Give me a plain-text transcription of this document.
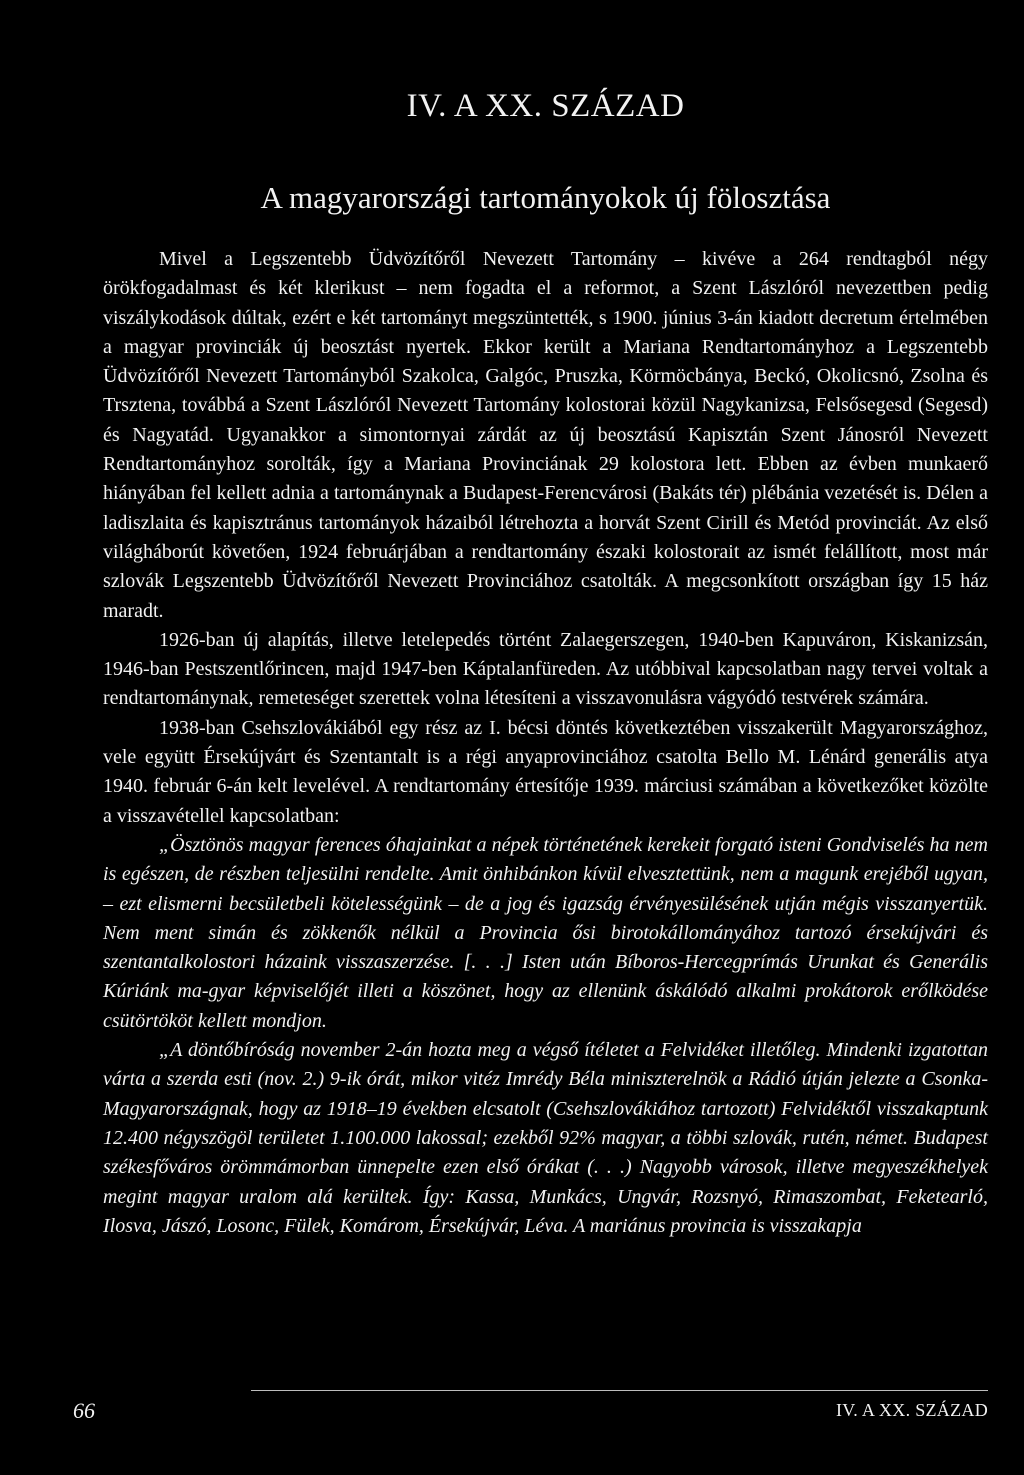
IV. A XX. SZÁZAD
A magyarországi tartományokok új fölosztása

Mivel a Legszentebb Üdvözítőről Nevezett Tartomány – kivéve a 264 rendtagból négy örökfogadalmast és két klerikust – nem fogadta el a reformot, a Szent Lászlóról nevezettben pedig viszálykodások dúltak, ezért e két tartományt megszüntették, s 1900. június 3-án kiadott decretum értelmében a magyar provinciák új beosztást nyertek. Ekkor került a Mariana Rendtartományhoz a Legszentebb Üdvözítőről Nevezett Tartományból Szakolca, Galgóc, Pruszka, Körmöcbánya, Beckó, Okolicsnó, Zsolna és Trsztena, továbbá a Szent Lászlóról Nevezett Tartomány kolostorai közül Nagykanizsa, Felsősegesd (Segesd) és Nagyatád. Ugyanakkor a simontornyai zárdát az új beosztású Kapisztán Szent Jánosról Nevezett Rendtartományhoz sorolták, így a Mariana Provinciának 29 kolostora lett. Ebben az évben munkaerő hiányában fel kellett adnia a tartománynak a Budapest-Ferencvárosi (Bakáts tér) plébánia vezetését is. Délen a ladiszlaita és kapisztránus tartományok házaiból létrehozta a horvát Szent Cirill és Metód provinciát. Az első világháborút követően, 1924 februárjában a rendtartomány északi kolostorait az ismét felállított, most már szlovák Legszentebb Üdvözítőről Nevezett Provinciához csatolták. A megcsonkított országban így 15 ház maradt.

1926-ban új alapítás, illetve letelepedés történt Zalaegerszegen, 1940-ben Kapuváron, Kiskanizsán, 1946-ban Pestszentlőrincen, majd 1947-ben Káptalanfüreden. Az utóbbival kapcsolatban nagy tervei voltak a rendtartománynak, remeteséget szerettek volna létesíteni a visszavonulásra vágyódó testvérek számára.

1938-ban Csehszlovákiából egy rész az I. bécsi döntés következtében visszakerült Magyarországhoz, vele együtt Érsekújvárt és Szentantalt is a régi anyaprovinciához csatolta Bello M. Lénárd generális atya 1940. február 6-án kelt levelével. A rendtartomány értesítője 1939. márciusi számában a következőket közölte a visszavétellel kapcsolatban:

„Ösztönös magyar ferences óhajainkat a népek történetének kerekeit forgató isteni Gondviselés ha nem is egészen, de részben teljesülni rendelte. Amit önhibánkon kívül elvesztettünk, nem a magunk erejéből ugyan, – ezt elismerni becsületbeli kötelességünk – de a jog és igazság érvényesülésének utján mégis visszanyertük. Nem ment simán és zökkenők nélkül a Provincia ősi birotokállományához tartozó érsekújvári és szentantalkolostori házaink visszaszerzése. [. . .] Isten után Bíboros-Hercegprímás Urunkat és Generális Kúriánk ma-gyar képviselőjét illeti a köszönet, hogy az ellenünk áskálódó alkalmi prokátorok erőlködése csütörtököt kellett mondjon.

„A döntőbíróság november 2-án hozta meg a végső ítéletet a Felvidéket illetőleg. Mindenki izgatottan várta a szerda esti (nov. 2.) 9-ik órát, mikor vitéz Imrédy Béla miniszterelnök a Rádió útján jelezte a Csonka-Magyarországnak, hogy az 1918–19 években elcsatolt (Csehszlovákiához tartozott) Felvidéktől visszakaptunk 12.400 négyszögöl területet 1.100.000 lakossal; ezekből 92% magyar, a többi szlovák, rutén, német. Budapest székesfőváros örömmámorban ünnepelte ezen első órákat (. . .) Nagyobb városok, illetve megyeszékhelyek megint magyar uralom alá kerültek. Így: Kassa, Munkács, Ungvár, Rozsnyó, Rimaszombat, Feketearló, Ilosva, Jászó, Losonc, Fülek, Komárom, Érsekújvár, Léva. A mariánus provincia is visszakapja

66	IV. A XX. SZÁZAD
